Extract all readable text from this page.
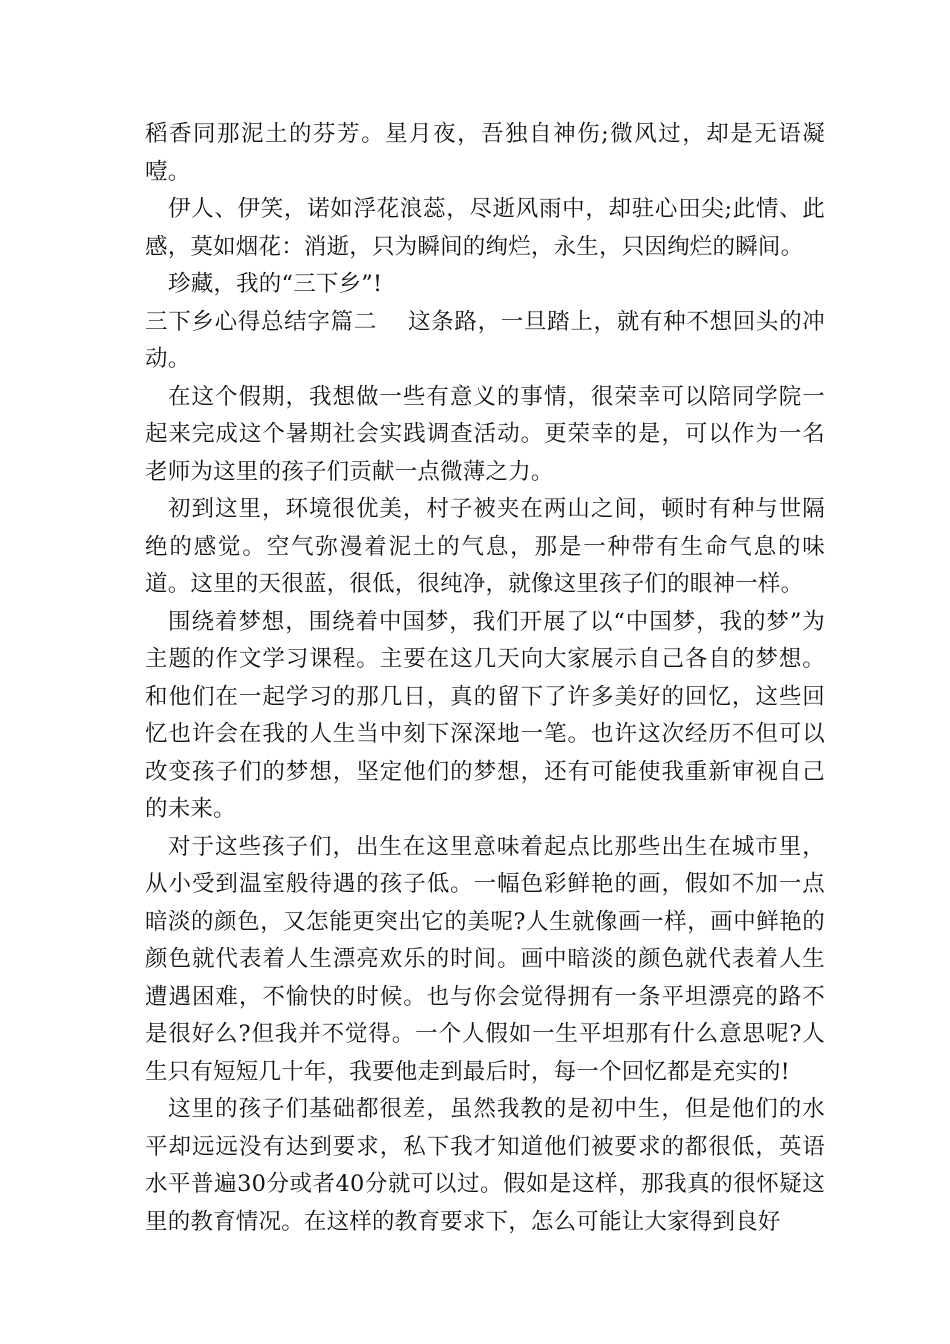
稻香同那泥土的芬芳。星月夜，吾独自神伤;微风过，却是无语凝噎。

伊人、伊笑，诺如浮花浪蕊，尽逝风雨中，却驻心田尖;此情、此感，莫如烟花：消逝，只为瞬间的绚烂，永生，只因绚烂的瞬间。

珍藏，我的“三下乡”!

三下乡心得总结字篇二　 这条路，一旦踏上，就有种不想回头的冲动。

在这个假期，我想做一些有意义的事情，很荣幸可以陪同学院一起来完成这个暑期社会实践调查活动。更荣幸的是，可以作为一名老师为这里的孩子们贡献一点微薄之力。

初到这里，环境很优美，村子被夹在两山之间，顿时有种与世隔绝的感觉。空气弥漫着泥土的气息，那是一种带有生命气息的味道。这里的天很蓝，很低，很纯净，就像这里孩子们的眼神一样。

围绕着梦想，围绕着中国梦，我们开展了以“中国梦，我的梦”为主题的作文学习课程。主要在这几天向大家展示自己各自的梦想。和他们在一起学习的那几日，真的留下了许多美好的回忆，这些回忆也许会在我的人生当中刻下深深地一笔。也许这次经历不但可以改变孩子们的梦想，坚定他们的梦想，还有可能使我重新审视自己的未来。

对于这些孩子们，出生在这里意味着起点比那些出生在城市里，从小受到温室般待遇的孩子低。一幅色彩鲜艳的画，假如不加一点暗淡的颜色，又怎能更突出它的美呢?人生就像画一样，画中鲜艳的颜色就代表着人生漂亮欢乐的时间。画中暗淡的颜色就代表着人生遭遇困难，不愉快的时候。也与你会觉得拥有一条平坦漂亮的路不是很好么?但我并不觉得。一个人假如一生平坦那有什么意思呢?人生只有短短几十年，我要他走到最后时，每一个回忆都是充实的!

这里的孩子们基础都很差，虽然我教的是初中生，但是他们的水平却远远没有达到要求，私下我才知道他们被要求的都很低，英语水平普遍30分或者40分就可以过。假如是这样，那我真的很怀疑这里的教育情况。在这样的教育要求下，怎么可能让大家得到良好
